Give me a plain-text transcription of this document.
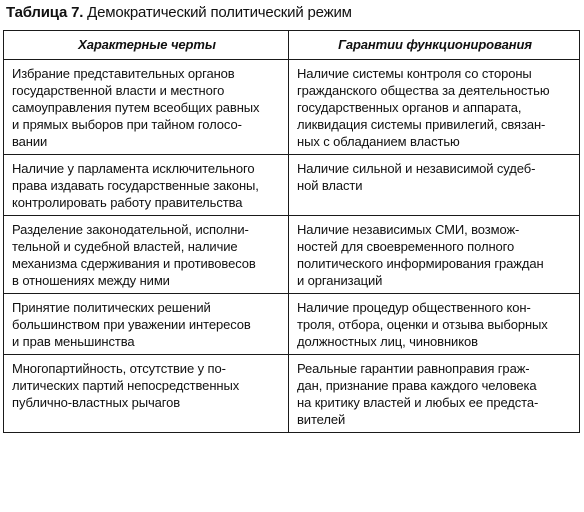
Таблица 7. Демократический политический режим
Характерные черты	Гарантии функционирования

Избрание представительных органов
государственной власти и местного
самоуправления путем всеобщих равных
и прямых выборов при тайном голосо-
вании	Наличие системы контроля со стороны
гражданского общества за деятельностью
государственных органов и аппарата,
ликвидация системы привилегий, связан-
ных с обладанием властью

Наличие у парламента исключительного
права издавать государственные законы,
контролировать работу правительства	Наличие сильной и независимой судеб-
ной власти

Разделение законодательной, исполни-
тельной и судебной властей, наличие
механизма сдерживания и противовесов
в отношениях между ними	Наличие независимых СМИ, возмож-
ностей для своевременного полного
политического информирования граждан
и организаций

Принятие политических решений
большинством при уважении интересов
и прав меньшинства	Наличие процедур общественного кон-
троля, отбора, оценки и отзыва выборных
должностных лиц, чиновников

Многопартийность, отсутствие у по-
литических партий непосредственных
публично-властных рычагов	Реальные гарантии равноправия граж-
дан, признание права каждого человека
на критику властей и любых ее предста-
вителей
